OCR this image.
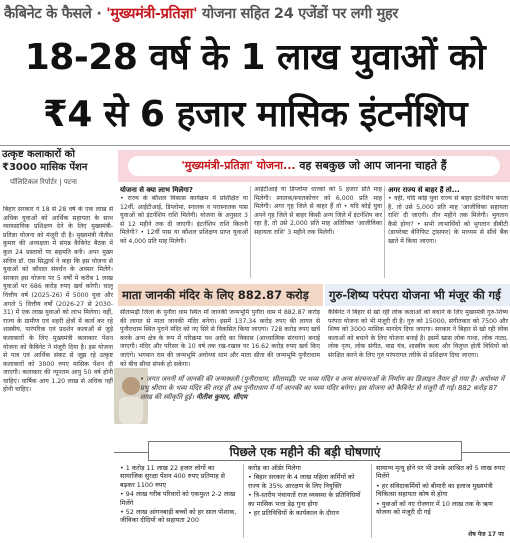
कैबिनेट के फैसले · 'मुख्यमंत्री-प्रतिज्ञा' योजना सहित 24 एजेंडों पर लगी मुहर
18-28 वर्ष के 1 लाख युवाओं को
₹4 से 6 हजार मासिक इंटर्नशिप
उत्कृष्ट कलाकारों को ₹3000 मासिक पेंशन
पॉलिटिकल रिपोर्टर | पटना
बिहार सरकार ने 18 से 28 वर्ष के एक लाख से अधिक युवाओं को आर्थिक सहायता के साथ व्यावसायिक प्रशिक्षण देने के लिए मुख्यमंत्री-प्रतिज्ञा योजना को मंजूरी दी है। मुख्यमंत्री नीतीश कुमार की अध्यक्षता में संपन्न कैबिनेट बैठक में कुल 24 प्रस्तावों पर सहमति बनी। अपर मुख्य सचिव डॉ. एस सिद्धार्थ ने कहा कि इस योजना से युवाओं को कौशल संवर्धन के अवसर मिलेंगे। सरकार इस योजना पर 5 वर्षों में करीब 1 लाख युवाओं पर 686 करोड़ रुपए खर्च करेगी। चालू वित्तीय वर्ष (2025-26) में 5000 युवा और अगले 5 वित्तीय वर्षों (2026-27 से 2030-31) में एक लाख युवाओं को लाभ मिलेगा। वहीं, राज्य के ग्रामीण एवं शहरी क्षेत्रों में कार्य कर रहे शास्त्रीय, पारंपरिक एवं प्रदर्शन कलाओं से जुड़े कलाकारों के लिए मुख्यमंत्री कलाकार पेंशन योजना को कैबिनेट ने मंजूरी दिया है। इस योजना से पात्र एवं आर्थिक संकट से जूझ रहे उत्कृष्ट कलाकारों को 3000 रुपए मासिक पेंशन दी जाएगी। कलाकार की न्यूनतम आयु 50 वर्ष होनी चाहिए। वार्षिक आय 1.20 लाख से अधिक नहीं होनी चाहिए।
'मुख्यमंत्री-प्रतिज्ञा' योजना... वह सबकुछ जो आप जानना चाहते हैं
योजना से क्या लाभ मिलेगा?
• राज्य के कौशल विकास कार्यक्रम में प्रशिक्षित या 12वीं, आईटीआई, डिप्लोमा, स्नातक व परास्नातक पास युवाओं को इंटर्नशिप राशि मिलेगी। योजना के अनुसार 3 से 12 महीने तक दी जाएगी। इंटर्नशिप राशि कितनी मिलेगी? • 12वीं पास या कौशल प्रशिक्षण प्राप्त युवाओं को 4,000 प्रति माह मिलेगी।
आईटीआई या डिप्लोमा धारकों को 5 हजार प्रति माह मिलेगी। स्नातक/स्नातकोत्तर को 6,000 प्रति माह मिलेगी। अगर गृह जिले से बाहर हैं तो • यदि कोई युवा अपने गृह जिले से बाहर किसी अन्य जिले में इंटर्नशिप कर रहा है, तो उसे 2,000 प्रति माह अतिरिक्त 'आजीविका सहायता राशि' 3 महीने तक मिलेगी।
अगर राज्य से बाहर हैं तो...
• वहीं, यदि कोई युवा राज्य से बाहर इंटर्नशिप करता है, तो उसे 5,000 प्रति माह 'आजीविका सहायता राशि' दी जाएगी। तीन महीने तक मिलेगी। भुगतान कैसे होगा? • सभी लाभार्थियों को भुगतान डीबीटी (डायरेक्ट बेनिफिट ट्रांसफर) के माध्यम से सीधे बैंक खाते में किया जाएगा।
माता जानकी मंदिर के लिए 882.87 करोड़	गुरु-शिष्य परंपरा योजना भी मंजूर की गई
सीतामढ़ी जिला के पुनौरा धाम स्थित माँ जानकी जन्मभूमि पुनौरा धाम में 882.87 करोड़ की लागत से माता जानकी मंदिर बनेगा। इसमें 137.34 करोड़ रुपए की लागत से पुनौराधाम स्थित पुराने मंदिर को नए सिरे से विकसित किया जाएगा। 728 करोड़ रुपए खर्च करके अन्य क्षेत्र के रूप में परिक्रमा पथ आदि का विकास (आध्यात्मिक संरचना) बनाई जाएगी। मंदिर और परिसर के 10 वर्ष तक रख-रखाव पर 16.62 करोड़ रुपए खर्च किए जाएंगे। भगवान राम की जन्मभूमि अयोध्या धाम और माता सीता की जन्मभूमि पुनौराधाम को बीच सीधा संपर्क हो सकेगा।
कैबिनेट ने बिहार से खो रही लोक कलाओं को बचाने के लिए मुख्यमंत्री गुरु-शिष्य परंपरा योजना को भी मंजूरी दी है। गुरु को 15000, संगीतकार को 7500 और शिष्य को 3000 मासिक मानदेय दिया जाएगा। सरकार ने बिहार से खो रही लोक कलाओं को बचाने के लिए योजना बनाई है। इसमें खास लोक गाथा, लोक नाट्य, लोक नृत्य, लोक संगीत, वाद्य यंत्र, शास्त्रीय कला और विलुप्त होती विधियों को संरक्षित करने के लिए गुरु परंपरागत तरीके से प्रशिक्षण दिया जाएगा।
• जगत जननी माँ जानकी की जन्मस्थली (पुनौराधाम, सीतामढ़ी) पर भव्य मंदिर व अन्य संरचनाओं के निर्माण का डिजाइन तैयार हो गया है। अयोध्या में प्रभु श्रीराम के भव्य मंदिर की तरह ही अब पुनौराधाम में माँ जानकी का भव्य मंदिर बनेगा। इस योजना को कैबिनेट से मंजूरी दी गई। 882 करोड़ 87 लाख की स्वीकृति हुई। नीतीश कुमार, सीएम
पिछले एक महीने की बड़ी घोषणाएं
• 1 करोड़ 11 लाख 22 हजार लोगों का सामाजिक सुरक्षा पेंशन 400 रुपए प्रतिमाह से बढ़कर 1100 रुपए
• 94 लाख गरीब परिवारों को एकमुश्त 2-2 लाख मिलेंगे
• 52 लाख आंगनबाड़ी बच्चों को हर साल पोशाक, जीविका दीदियों को सहायता 200
करोड़ का ऑर्डर मिलेगा
• बिहार सरकार के 4 लाख महिला कर्मियों को राज्य के 35% आरक्षण के लिए नियुक्ति
• त्रि-स्तरीय पंचायतों राज व्यवस्था के प्रतिनिधियों का मासिक भत्ता डेढ़ गुना होगा
• हर प्रतिनिधियों के कार्यकाल के दौरान
सामान्य मृत्यु होने पर भी उनके आश्रित को 5 लाख रुपए मिलेंगे
• हर संविदाकर्मियों को बीमारी का इलाज मुख्यमंत्री चिकित्सा सहायता कोष से होगा
• युवाओं को नए रोजगार में 10 लाख तक के ऋण योजना को मंजूरी दी गई
शेष पेज 17 पर
